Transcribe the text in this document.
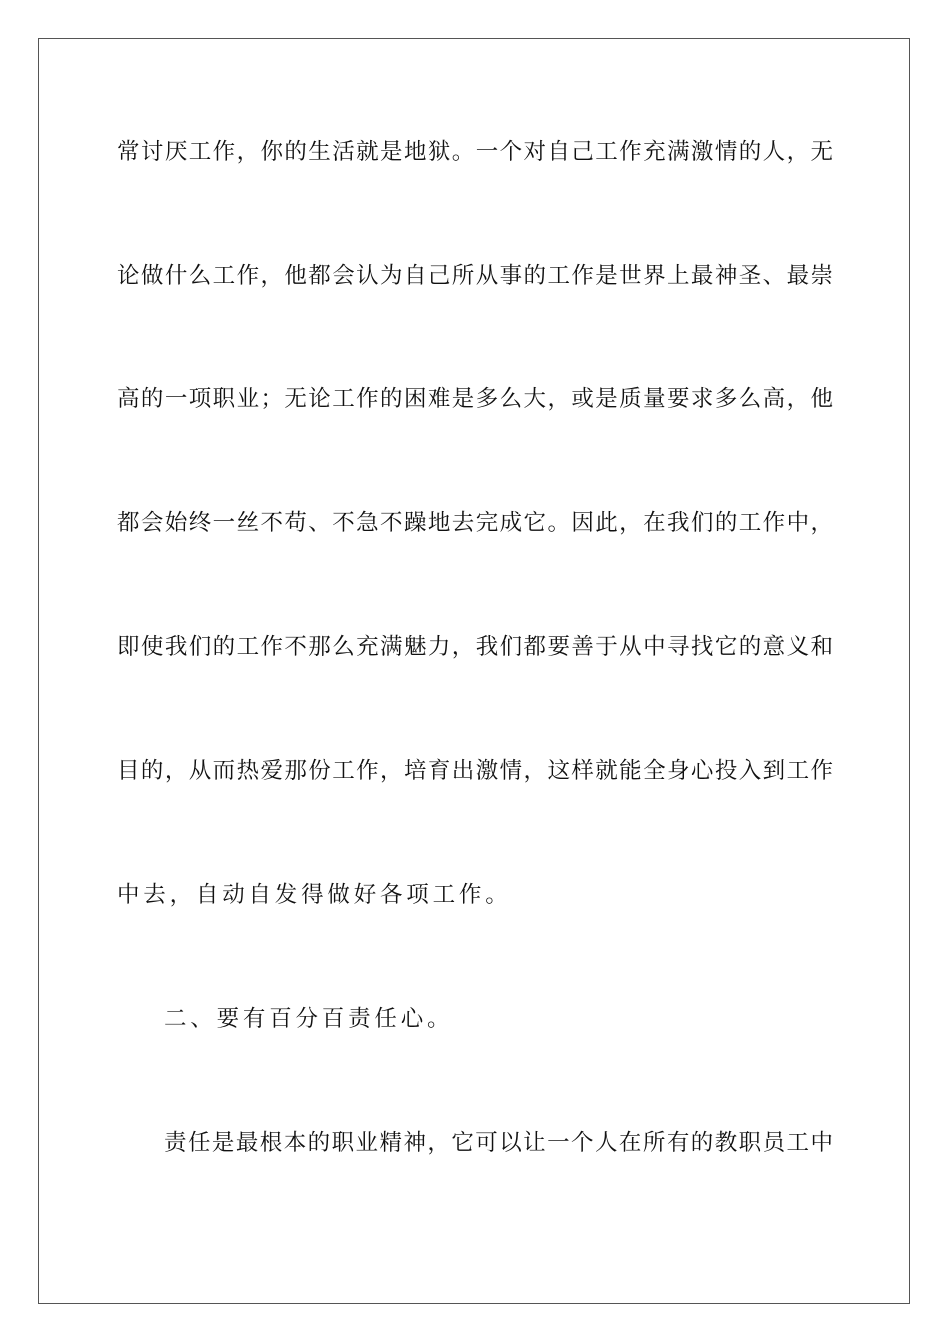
常讨厌工作，你的生活就是地狱。一个对自己工作充满激情的人，无
论做什么工作，他都会认为自己所从事的工作是世界上最神圣、最崇
高的一项职业；无论工作的困难是多么大，或是质量要求多么高，他
都会始终一丝不苟、不急不躁地去完成它。因此，在我们的工作中，
即使我们的工作不那么充满魅力，我们都要善于从中寻找它的意义和
目的，从而热爱那份工作，培育出激情，这样就能全身心投入到工作
中去，自动自发得做好各项工作。
二、要有百分百责任心。
责任是最根本的职业精神，它可以让一个人在所有的教职员工中
